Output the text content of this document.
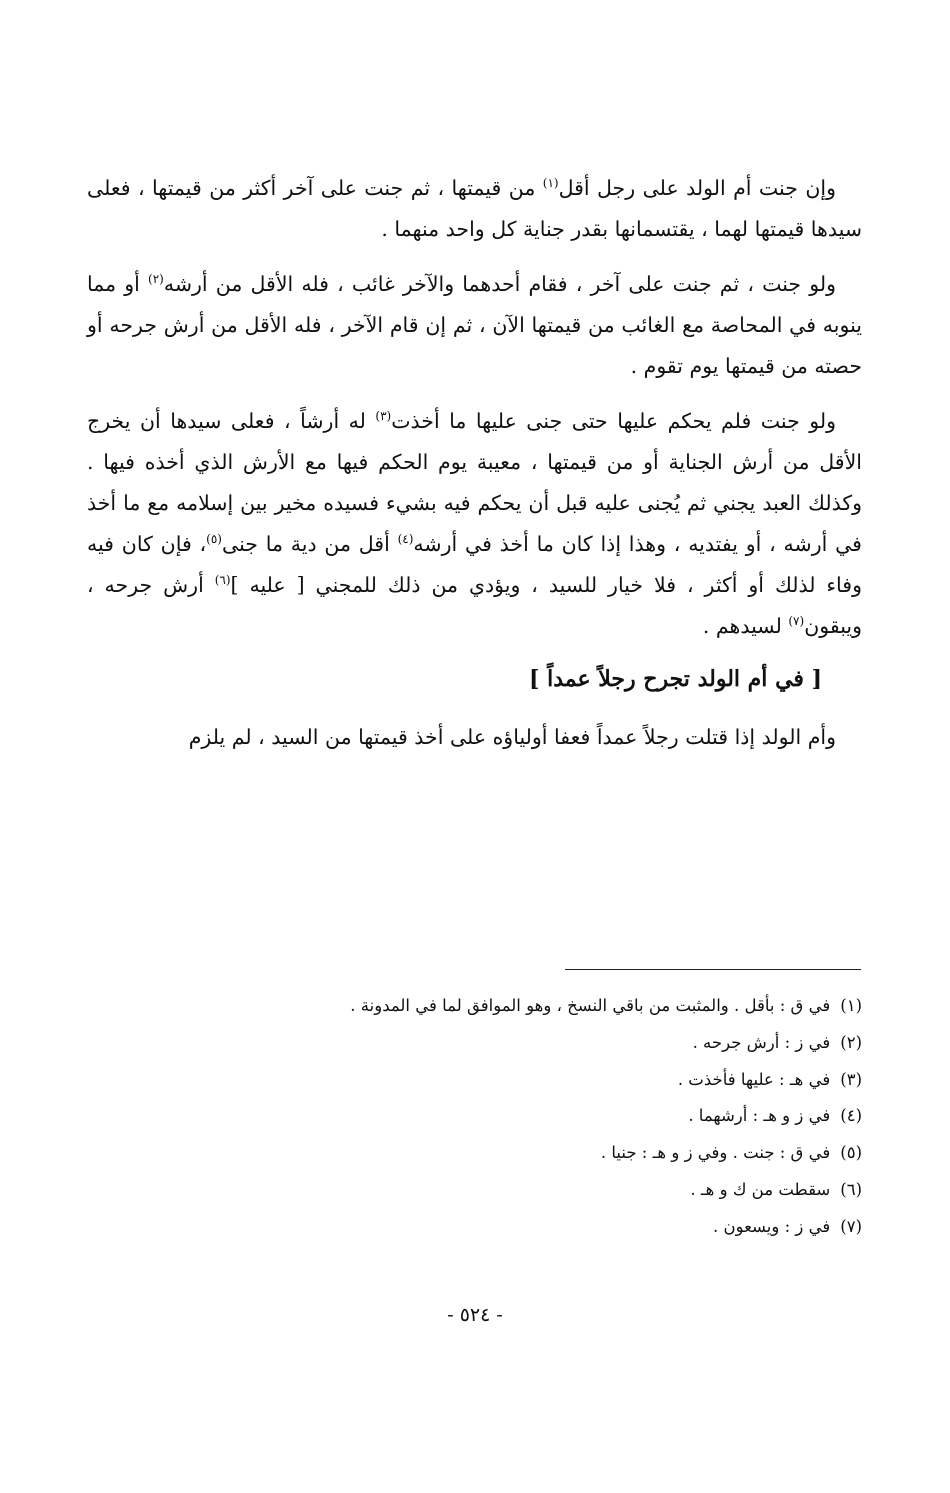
وإن جنت أم الولد على رجل أقل$^{(١)}$ من قيمتها ، ثم جنت على آخر أكثر من قيمتها ، فعلى سيدها قيمتها لهما ، يقتسمانها بقدر جناية كل واحد منهما .

ولو جنت ، ثم جنت على آخر ، فقام أحدهما والآخر غائب ، فله الأقل من أرشه$^{(٢)}$ أو مما ينوبه في المحاصة مع الغائب من قيمتها الآن ، ثم إن قام الآخر ، فله الأقل من أرش جرحه أو حصته من قيمتها يوم تقوم .

ولو جنت فلم يحكم عليها حتى جنى عليها ما أخذت$^{(٣)}$ له أرشاً ، فعلى سيدها أن يخرج الأقل من أرش الجناية أو من قيمتها ، معيبة يوم الحكم فيها مع الأرش الذي أخذه فيها . وكذلك العبد يجني ثم يُجنى عليه قبل أن يحكم فيه بشيء فسيده مخير بين إسلامه مع ما أخذ في أرشه ، أو يفتديه ، وهذا إذا كان ما أخذ في أرشه$^{(٤)}$ أقل من دية ما جنى$^{(٥)}$، فإن كان فيه وفاء لذلك أو أكثر ، فلا خيار للسيد ، ويؤدي من ذلك للمجني [ عليه ]$^{(٦)}$ أرش جرحه ، ويبقون$^{(٧)}$ لسيدهم .

[ في أم الولد تجرح رجلاً عمداً ]

وأم الولد إذا قتلت رجلاً عمداً فعفا أولياؤه على أخذ قيمتها من السيد ، لم يلزم

(١)في ق : بأقل . والمثبت من باقي النسخ ، وهو الموافق لما في المدونة .
(٢)في ز : أرش جرحه .
(٣)في هـ : عليها فأخذت .
(٤)في ز و هـ : أرشهما .
(٥)في ق : جنت . وفي ز و هـ : جنيا .
(٦)سقطت من ك و هـ .
(٧)في ز : ويسعون .
- ٥٢٤ -
